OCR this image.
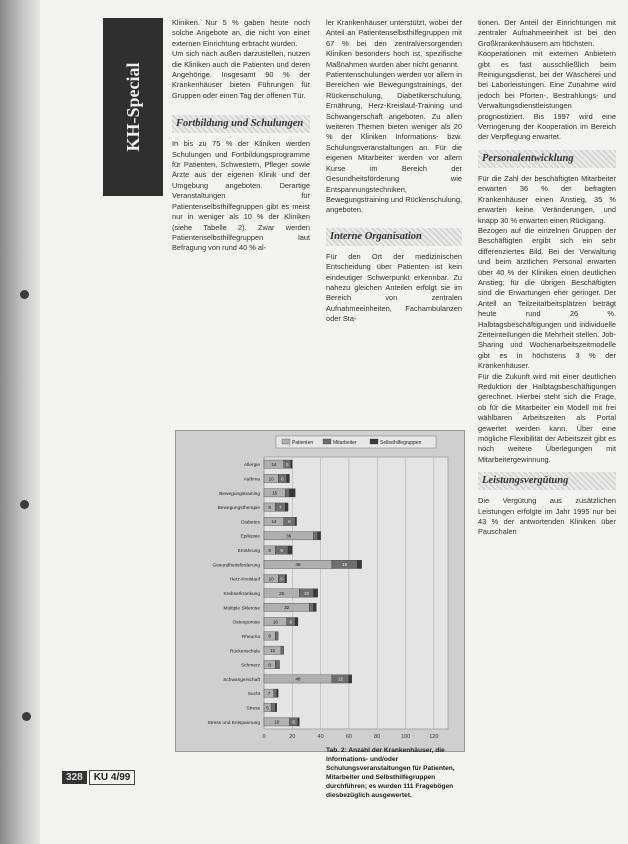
KH-Special

Kliniken. Nur 5 % gaben heute noch solche Angebote an, die nicht von einer externen Einrichtung erbracht wurden.

Um sich nach außen darzustellen, nutzen die Kliniken auch die Patienten und deren Angehörige. Insgesamt 90 % der Krankenhäuser bieten Führungen für Gruppen oder einen Tag der offenen Tür.

Fortbildung und Schulungen

In bis zu 75 % der Kliniken werden Schulungen und Fortbildungsprogramme für Patienten, Schwestern, Pfleger sowie Ärzte aus der eigenen Klinik und der Umgebung angeboten. Derartige Veranstaltungen für Patientenselbsthilfegruppen gibt es meist nur in weniger als 10 % der Kliniken (siehe Tabelle 2). Zwar werden Patientenselbsthilfegruppen laut Befragung von rund 40 % al-

ler Krankenhäuser unterstützt, wobei der Anteil an Patientenselbsthilfegruppen mit 67 % bei den zentralversorgenden Kliniken besonders hoch ist, spezifische Maßnahmen wurden aber nicht genannt.

Patientenschulungen werden vor allem in Bereichen wie Bewegungstrainings, der Rückenschulung, Diabetikerschulung, Ernährung, Herz-Kreislauf-Training und Schwangerschaft angeboten. Zu allen weiteren Themen bieten weniger als 20 % der Kliniken Informations- bzw. Schulungsveranstaltungen an. Für die eigenen Mitarbeiter werden vor allem Kurse im Bereich der Gesundheitsförderung wie Entspannungstechniken, Bewegungstraining und Rückenschulung, angeboten.

Interne Organisation

Für den Ort der medizinischen Entscheidung über Patienten ist kein eindeutiger Schwerpunkt erkennbar. Zu nahezu gleichen Anteilen erfolgt sie im Bereich von zentralen Aufnahmeeinheiten, Fachambulanzen oder Sta-

tionen. Der Anteil der Einrichtungen mit zentraler Aufnahmeeinheit ist bei den Großkrankenhäusern am höchsten.

Kooperationen mit externen Anbietern gibt es fast ausschließlich beim Reinigungsdienst, bei der Wäscherei und bei Laborleistungen. Eine Zunahme wird jedoch bei Pforten-, Bestrahlungs- und Verwaltungsdienstleistungen prognostiziert. Bis 1997 wird eine Verringerung der Kooperation im Bereich der Verpflegung erwartet.

Personalentwicklung

Für die Zahl der beschäftigten Mitarbeiter erwarten 36 % der befragten Krankenhäuser einen Anstieg, 35 % erwarten keine Veränderungen, und knapp 30 % erwarten einen Rückgang.

Bezogen auf die einzelnen Gruppen der Beschäftigten ergibt sich ein sehr differenziertes Bild. Bei der Verwaltung und beim ärztlichen Personal erwarten über 40 % der Kliniken einen deutlichen Anstieg; für die übrigen Beschäftigten sind die Erwartungen eher geringer. Der Anteil an Teilzeitarbeitsplätzen beträgt heute rund 26 %. Halbtagsbeschäftigungen und individuelle Zeiteinteilungen die Mehrheit stellen. Job-Sharing und Wochenarbeitszeitmodelle gibt es in höchstens 3 % der Krankenhäuser.

Für die Zukunft wird mit einer deutlichen Reduktion der Halbtagsbeschäftigungen gerechnet. Hierbei steht sich die Frage, ob für die Mitarbeiter ein Modell mit frei wählbaren Arbeitszeiten als Portal gewertet werden kann. Über eine mögliche Flexibilität der Arbeitszeit gibt es noch weitere Überlegungen mit Mitarbeitergewinnung.

Leistungsvergütung

Die Vergütung aus zusätzlichen Leistungen erfolgte im Jahr 1995 nur bei 43 % der antwortenden Kliniken über Pauschalen

0	20	40	60	80	100	120
Patienten	Mitarbeiter	Selbsthilfegruppen
Allergie	14 5
Asthma 10 6
Bewegungstraining	15
Bewegungstherapie 8 7
Diabetes	14	8
Epilepsie	35
Ernährung 8 9
Gesundheitsförderung	48	18
Herz-Kreislauf 10 5
Krebserkrankung	25	10
Multiple Sklerose	32
Osteoporose	16	6
Rheuma 8
Rückenschule 12
Schmerz 8
Schwangerschaft	48	12
Sucht 7
Stress 5
Stress und Entspannung	18	6
Tab. 2: Anzahl der Krankenhäuser, die Informations- und/oder Schulungsveranstaltungen für Patienten, Mitarbeiter und Selbsthilfegruppen durchführen; es wurden 111 Fragebögen diesbezüglich ausgewertet.
328 KU 4/99
